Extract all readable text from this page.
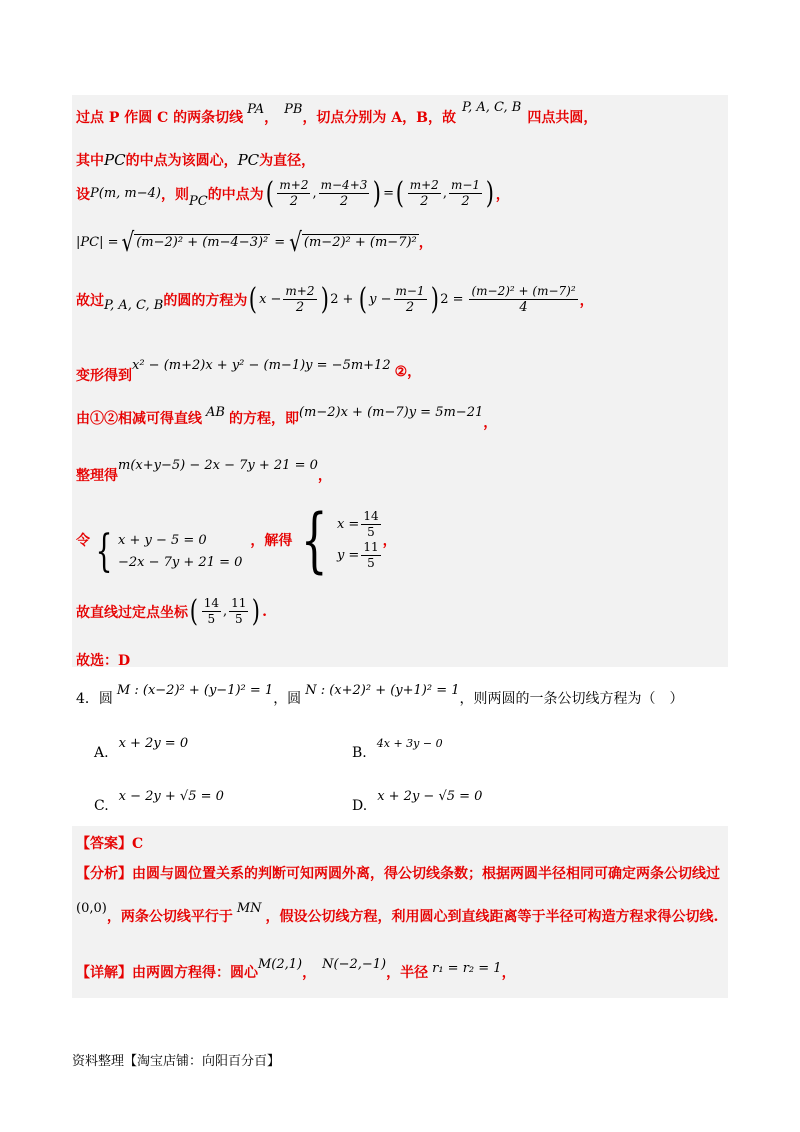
过点 P 作圆 C 的两条切线
PA
，
PB
，切点分别为 A，B，故
P, A, C, B
四点共圆，
其中 PC 的中点为该圆心， PC 为直径，
设 P(m, m−4) ，则 PC 的中点为 ( $\frac{m+2}{2}$ , $\frac{m-4+3}{2}$ ) = ( $\frac{m+2}{2}$ , $\frac{m-1}{2}$ ) ，
|PC| = √ (m−2)² + (m−4−3)² = √ (m−2)² + (m−7)² ，
故过 P, A, C, B 的圆的方程为 ( $x - \frac{m+2}{2}$ ) 2 + ( $y - \frac{m-1}{2}$ ) $2 = \frac{\text{(m−2)² + (m−7)²}}{4}$ ，
变形得到
x² − (m+2)x + y² − (m−1)y = −5m+12 ②，
由①②相减可得直线 AB 的方程，即 (m−2)x + (m−7)y = 5m−21
，
整理得
m(x+y−5) − 2x − 7y + 21 = 0
，
令 { x + y − 5 = 0
−2x − 7y + 21 = 0
，解得 { $x = \frac{14}{5}$
$y = \frac{11}{5}$ ，
故直线过定点坐标 ( $\frac{14}{5}$ , $\frac{11}{5}$ ) .
故选：D
4．圆
M : (x−2)² + (y−1)² = 1
，圆
N : (x+2)² + (y+1)² = 1
，则两圆的一条公切线方程为（　）
A.
x + 2y = 0
B.
4x + 3y − 0
C.
x − 2y + √5 = 0
D.
x + 2y − √5 = 0
【答案】C
【分析】由圆与圆位置关系的判断可知两圆外离，得公切线条数；根据两圆半径相同可确定两条公切线过
(0,0)
，两条公切线平行于
MN
，假设公切线方程，利用圆心到直线距离等于半径可构造方程求得公切线.
【详解】由两圆方程得：圆心
M(2,1)
，
N(−2,−1)
，半径 r₁ = r₂ = 1 ，
资料整理【淘宝店铺：向阳百分百】
